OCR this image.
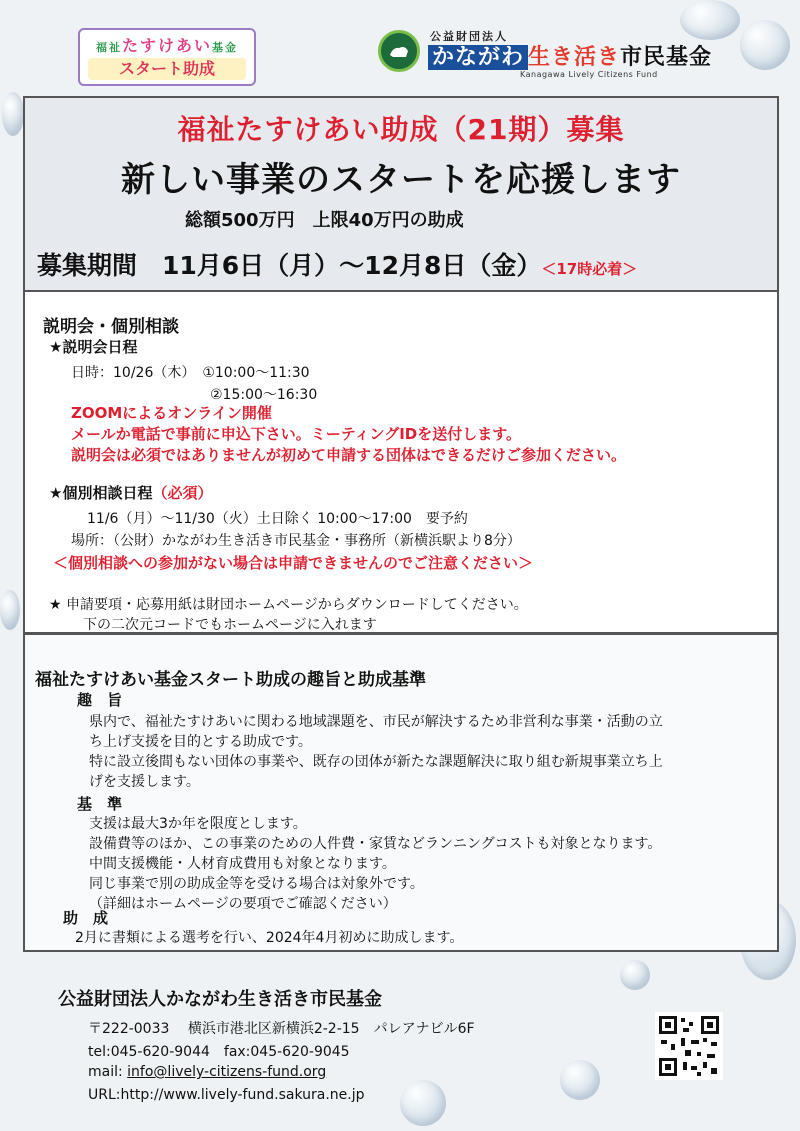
福祉たすけあい基金
スタート助成
公益財団法人
かながわ 生き活き市民基金
Kanagawa Lively Citizens Fund
福祉たすけあい助成（21期）募集
新しい事業のスタートを応援します
総額500万円　上限40万円の助成
募集期間　11月6日（月）～12月8日（金）＜17時必着＞
説明会・個別相談
★説明会日程
日時：10/26（木）　①10:00～11:30
②15:00～16:30
ZOOMによるオンライン開催
メールか電話で事前に申込下さい。ミーティングIDを送付します。
説明会は必須ではありませんが初めて申請する団体はできるだけご参加ください。
★個別相談日程（必須）
11/6（月）～11/30（火）土日除く 10:00～17:00　要予約
場所：（公財）かながわ生き活き市民基金・事務所（新横浜駅より8分）
＜個別相談への参加がない場合は申請できませんのでご注意ください＞
★ 申請要項・応募用紙は財団ホームページからダウンロードしてください。
下の二次元コードでもホームページに入れます
福祉たすけあい基金スタート助成の趣旨と助成基準
趣　旨
県内で、福祉たすけあいに関わる地域課題を、市民が解決するため非営利な事業・活動の立
ち上げ支援を目的とする助成です。
特に設立後間もない団体の事業や、既存の団体が新たな課題解決に取り組む新規事業立ち上
げを支援します。
基　準
支援は最大3か年を限度とします。
設備費等のほか、この事業のための人件費・家賃などランニングコストも対象となります。
中間支援機能・人材育成費用も対象となります。
同じ事業で別の助成金等を受ける場合は対象外です。
（詳細はホームページの要項でご確認ください）
助　成
2月に書類による選考を行い、2024年4月初めに助成します。
公益財団法人かながわ生き活き市民基金
〒222-0033　 横浜市港北区新横浜2-2-15　パレアナビル6F
tel:045-620-9044　fax:045-620-9045
mail: info@lively-citizens-fund.org
URL:http://www.lively-fund.sakura.ne.jp
